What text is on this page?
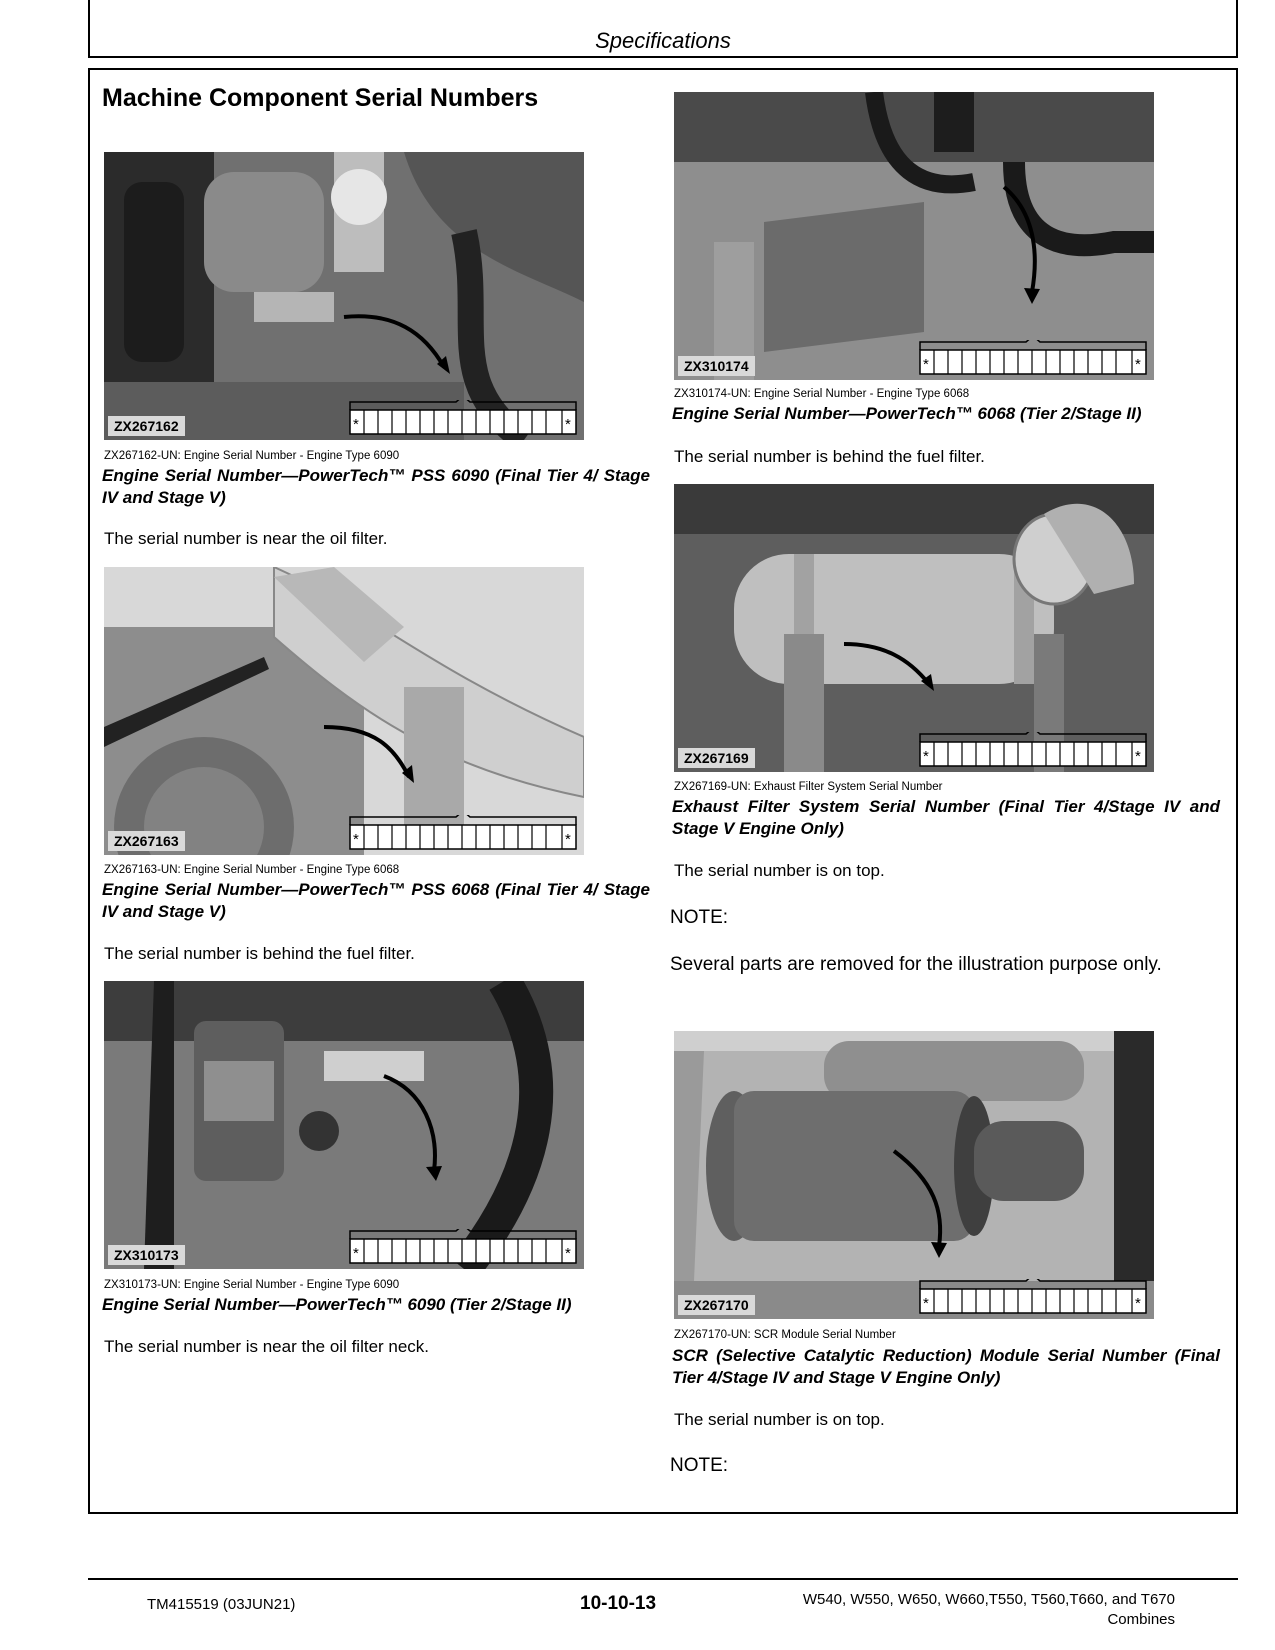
Specifications
Machine Component Serial Numbers
ZX267162	*	*
ZX267162-UN: Engine Serial Number - Engine Type 6090
Engine Serial Number—PowerTech™ PSS 6090 (Final Tier 4/ Stage IV and Stage V)

The serial number is near the oil filter.

ZX267163	*	*
ZX267163-UN: Engine Serial Number - Engine Type 6068
Engine Serial Number—PowerTech™ PSS 6068 (Final Tier 4/ Stage IV and Stage V)

The serial number is behind the fuel filter.

ZX310173	*	*
ZX310173-UN: Engine Serial Number - Engine Type 6090
Engine Serial Number—PowerTech™ 6090 (Tier 2/Stage II)

The serial number is near the oil filter neck.

ZX310174	*	*
ZX310174-UN: Engine Serial Number - Engine Type 6068
Engine Serial Number—PowerTech™ 6068 (Tier 2/Stage II)

The serial number is behind the fuel filter.

ZX267169	*	*
ZX267169-UN: Exhaust Filter System Serial Number
Exhaust Filter System Serial Number (Final Tier 4/Stage IV and Stage V Engine Only)

The serial number is on top.

NOTE:

Several parts are removed for the illustration purpose only.

ZX267170	*	*
ZX267170-UN: SCR Module Serial Number
SCR (Selective Catalytic Reduction) Module Serial Number (Final Tier 4/Stage IV and Stage V Engine Only)

The serial number is on top.

NOTE:

TM415519 (03JUN21)	10-10-13	W540, W550, W650, W660,T550, T560,T660, and T670
Combines
